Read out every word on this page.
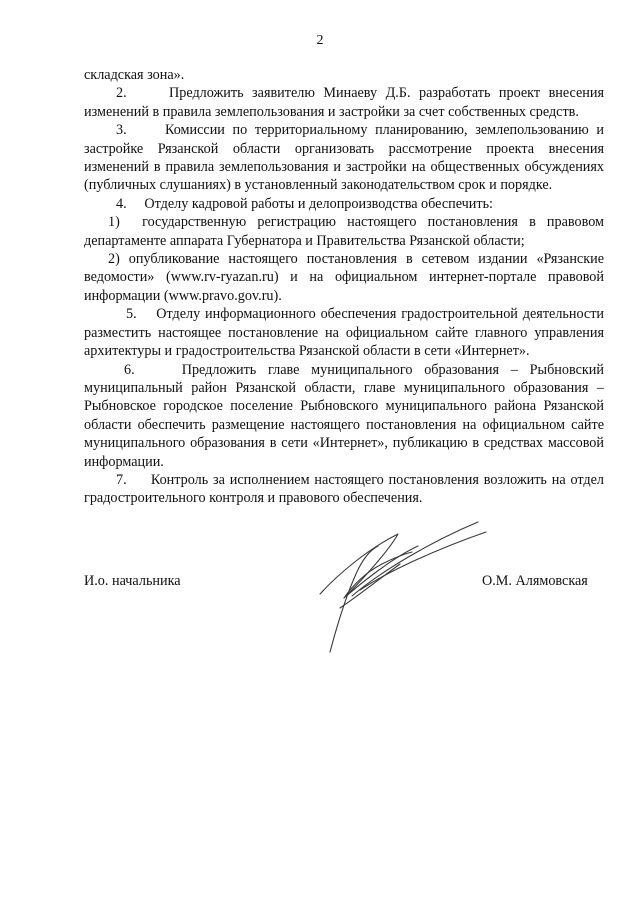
2

складская зона».

2.     Предложить заявителю Минаеву Д.Б. разработать проект внесения изменений в правила землепользования и застройки за счет собственных средств.

3.     Комиссии по территориальному планированию, землепользованию и застройке Рязанской области организовать рассмотрение проекта внесения изменений в правила землепользования и застройки на общественных обсуждениях (публичных слушаниях) в установленный законодательством срок и порядке.

4.     Отделу кадровой работы и делопроизводства обеспечить:

1)  государственную регистрацию настоящего постановления в правовом департаменте аппарата Губернатора и Правительства Рязанской области;

2) опубликование настоящего постановления в сетевом издании «Рязанские ведомости» (www.rv-ryazan.ru) и на официальном интернет-портале правовой информации (www.pravo.gov.ru).

5.    Отделу информационного обеспечения градостроительной деятельности разместить настоящее постановление на официальном сайте главного управления архитектуры и градостроительства Рязанской области в сети «Интернет».

6.    Предложить главе муниципального образования – Рыбновский муниципальный район Рязанской области, главе муниципального образования – Рыбновское городское поселение Рыбновского муниципального района Рязанской области обеспечить размещение настоящего постановления на официальном сайте муниципального образования в сети «Интернет», публикацию в средствах массовой информации.

7.     Контроль за исполнением настоящего постановления возложить на отдел градостроительного контроля и правового обеспечения.

И.о. начальника	О.М. Алямовская
